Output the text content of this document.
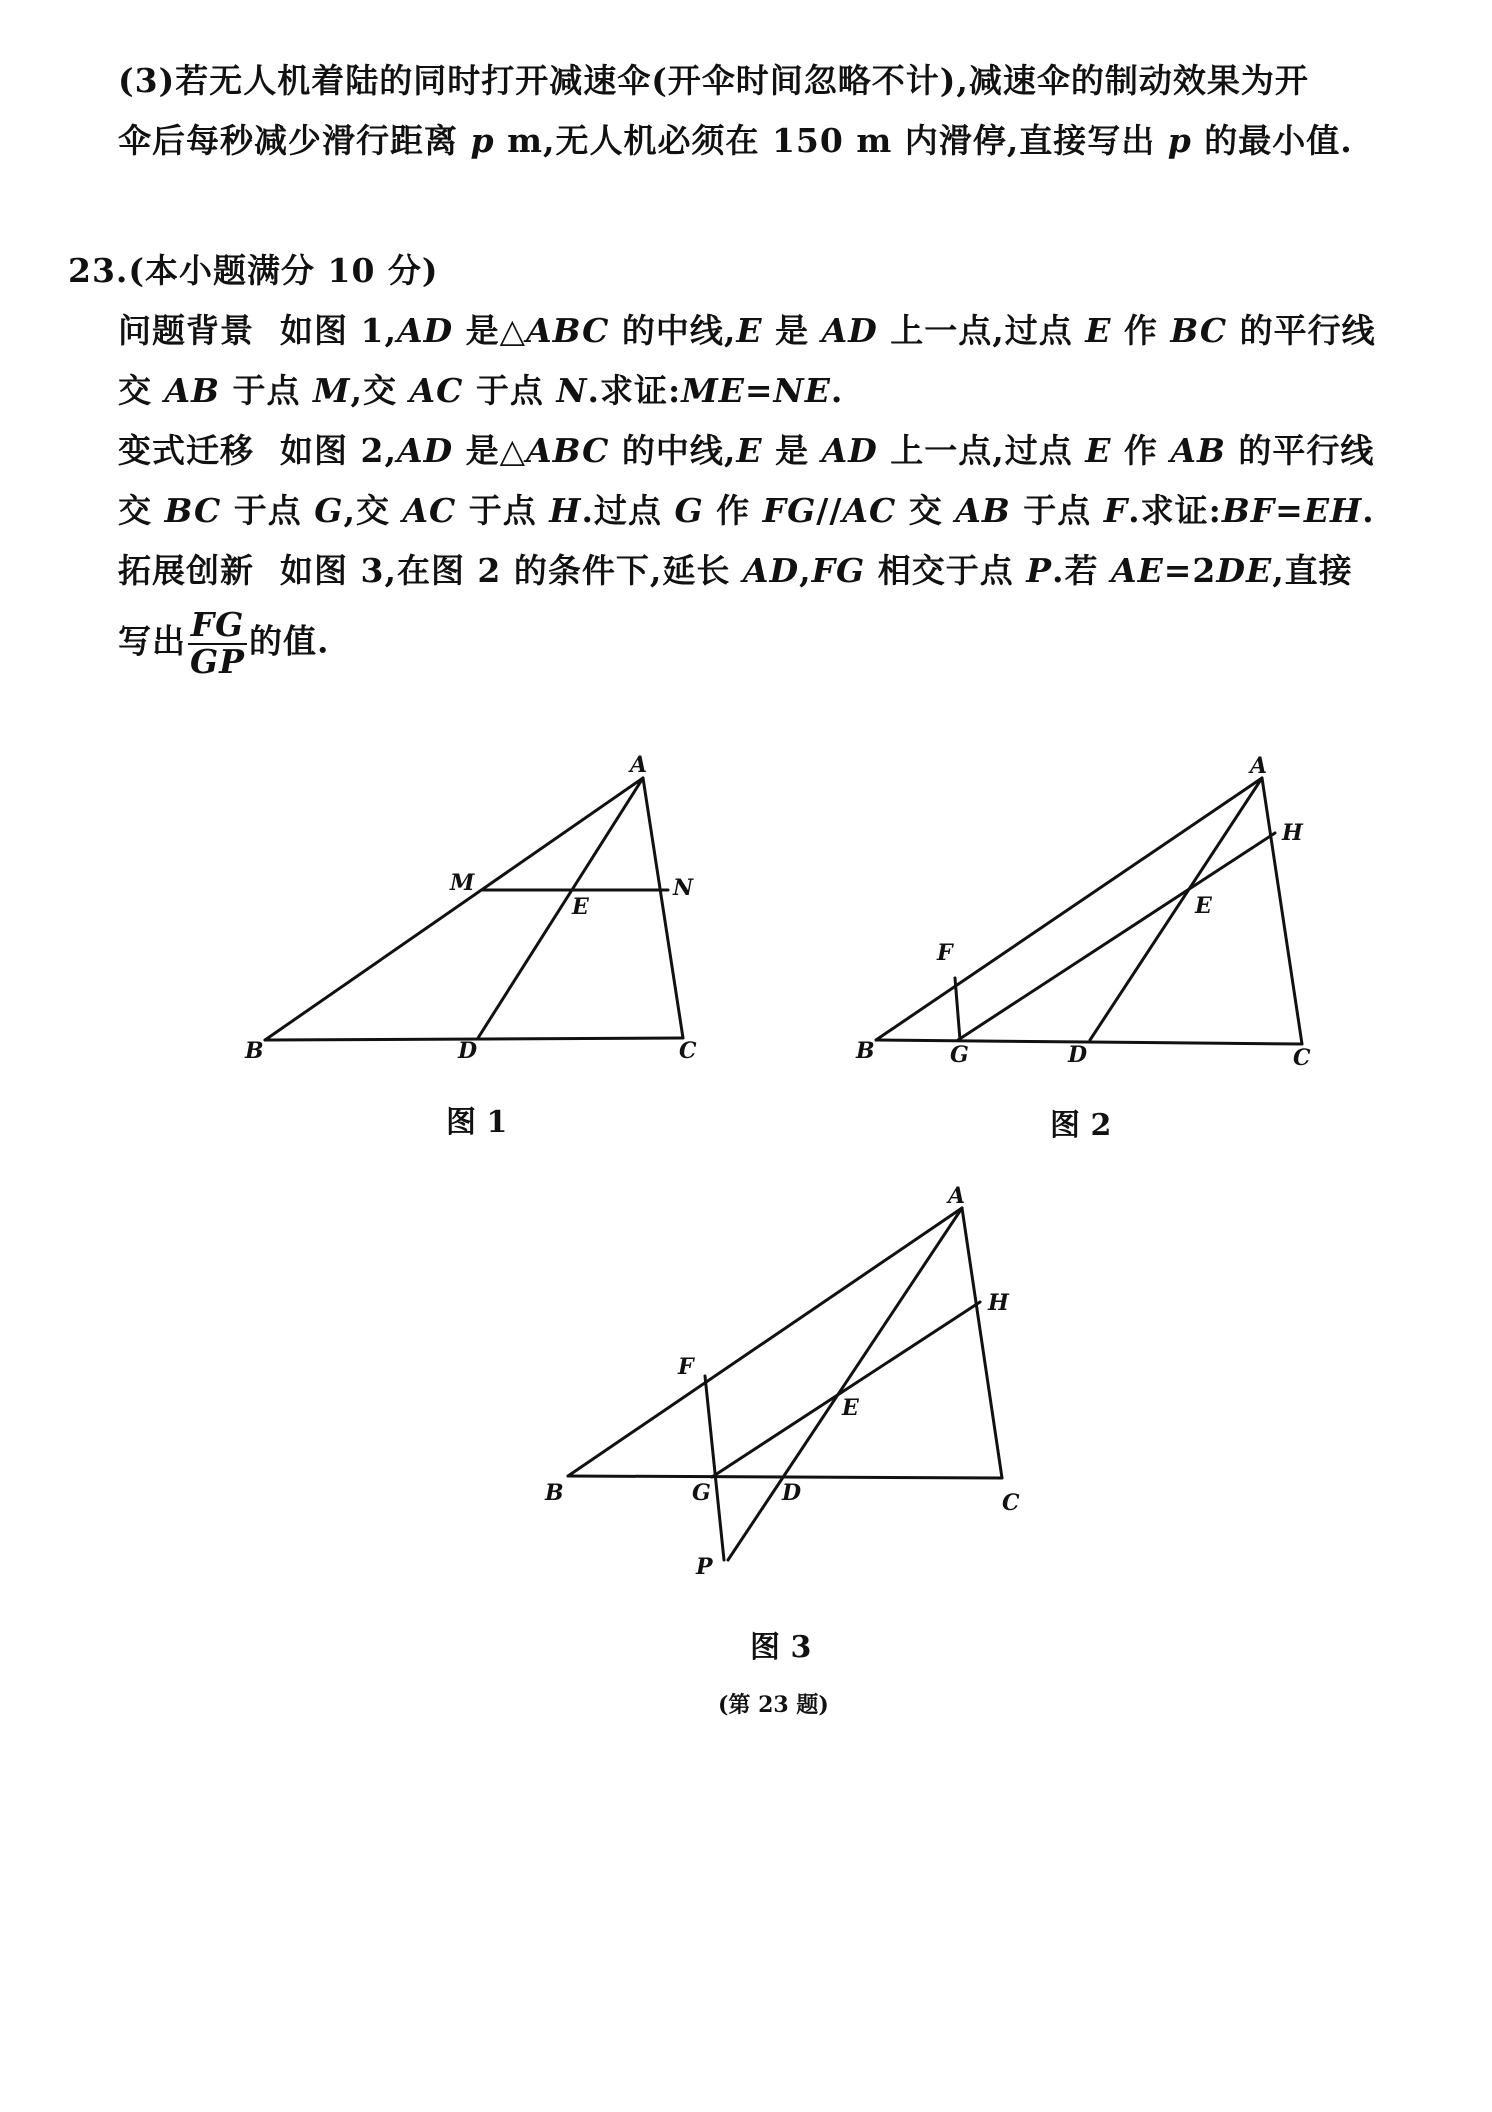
(3)若无人机着陆的同时打开减速伞(开伞时间忽略不计),减速伞的制动效果为开
伞后每秒减少滑行距离 p m,无人机必须在 150 m 内滑停,直接写出 p 的最小值.
23.(本小题满分 10 分)
问题背景 如图 1,AD 是△ABC 的中线,E 是 AD 上一点,过点 E 作 BC 的平行线
交 AB 于点 M,交 AC 于点 N.求证:ME=NE.
变式迁移 如图 2,AD 是△ABC 的中线,E 是 AD 上一点,过点 E 作 AB 的平行线
交 BC 于点 G,交 AC 于点 H.过点 G 作 FG//AC 交 AB 于点 F.求证:BF=EH.
拓展创新 如图 3,在图 2 的条件下,延长 AD,FG 相交于点 P.若 AE=2DE,直接
写出 $\frac{FG}{GP}$ 的值.
A
M	N
E
B	D	C
图 1
A
H
E
F
B	G	D	C
图 2
A
H
F
E
B	G	D	C
P
图 3
(第 23 题)
